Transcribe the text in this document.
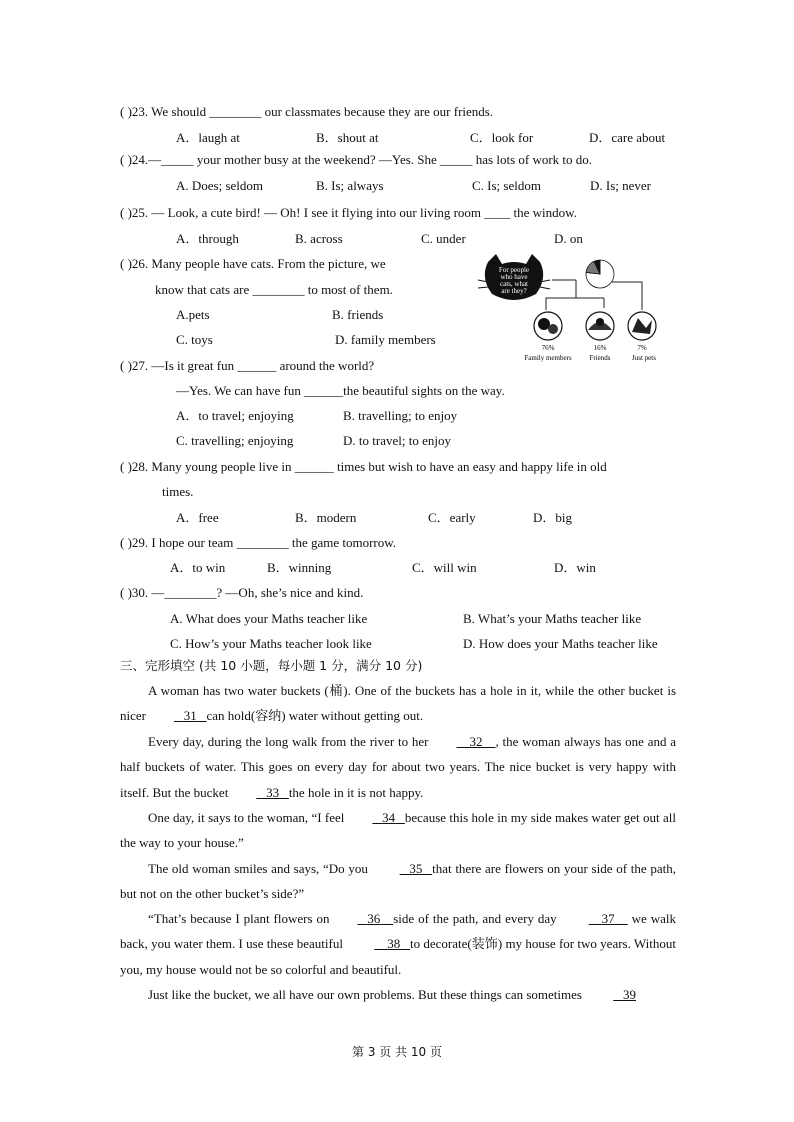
( )23. We should ________ our classmates because they are our friends.
A．laugh at	B．shout at	C．look for	D．care about
( )24.—_____ your mother busy at the weekend? —Yes. She _____ has lots of work to do.
A. Does; seldom	B. Is; always	C. Is; seldom	D. Is; never
( )25. — Look, a cute bird! — Oh! I see it flying into our living room ____ the window.
A．through	B. across	C. under	D. on
( )26. Many people have cats. From the picture, we
know that cats are ________ to most of them.
A.pets	B. friends
C. toys	D. family members
For people
who have
cats, what
are they?
76%	16%	7%
Family members	Friends	Just pets
( )27. —Is it great fun ______ around the world?
—Yes. We can have fun ______the beautiful sights on the way.
A．to travel; enjoying	B. travelling; to enjoy
C. travelling; enjoying	D. to travel; to enjoy
( )28. Many young people live in ______ times but wish to have an easy and happy life in old
times.
A．free	B．modern	C．early	D．big
( )29. I hope our team ________ the game tomorrow.
A．to win	B．winning	C．will win	D．win
( )30. —________? —Oh, she’s nice and kind.
A. What does your Maths teacher like	B. What’s your Maths teacher like
C. How’s your Maths teacher look like	D. How does your Maths teacher like
三、完形填空 (共 10 小题，每小题 1 分，满分 10 分)
A woman has two water buckets (桶). One of the buckets has a hole in it, while the other bucket is nicer	31 can hold(容纳) water without getting out.
Every day, during the long walk from the river to her	32 , the woman always has one and a half buckets of water. This goes on every day for about two years. The nice bucket is very happy with itself. But the bucket	33 the hole in it is not happy.
One day, it says to the woman, “I feel	34 because this hole in my side makes water get out all the way to your house.”
The old woman smiles and says, “Do you	35 that there are flowers on your side of the path, but not on the other bucket’s side?”
“That’s because I plant flowers on	36 side of the path, and every day	37     we walk back, you water them. I use these beautiful	38 to decorate(装饰) my house for two years. Without you, my house would not be so colorful and beautiful.
Just like the bucket, we all have our own problems. But these things can sometimes	39
第 3 页 共 10 页
